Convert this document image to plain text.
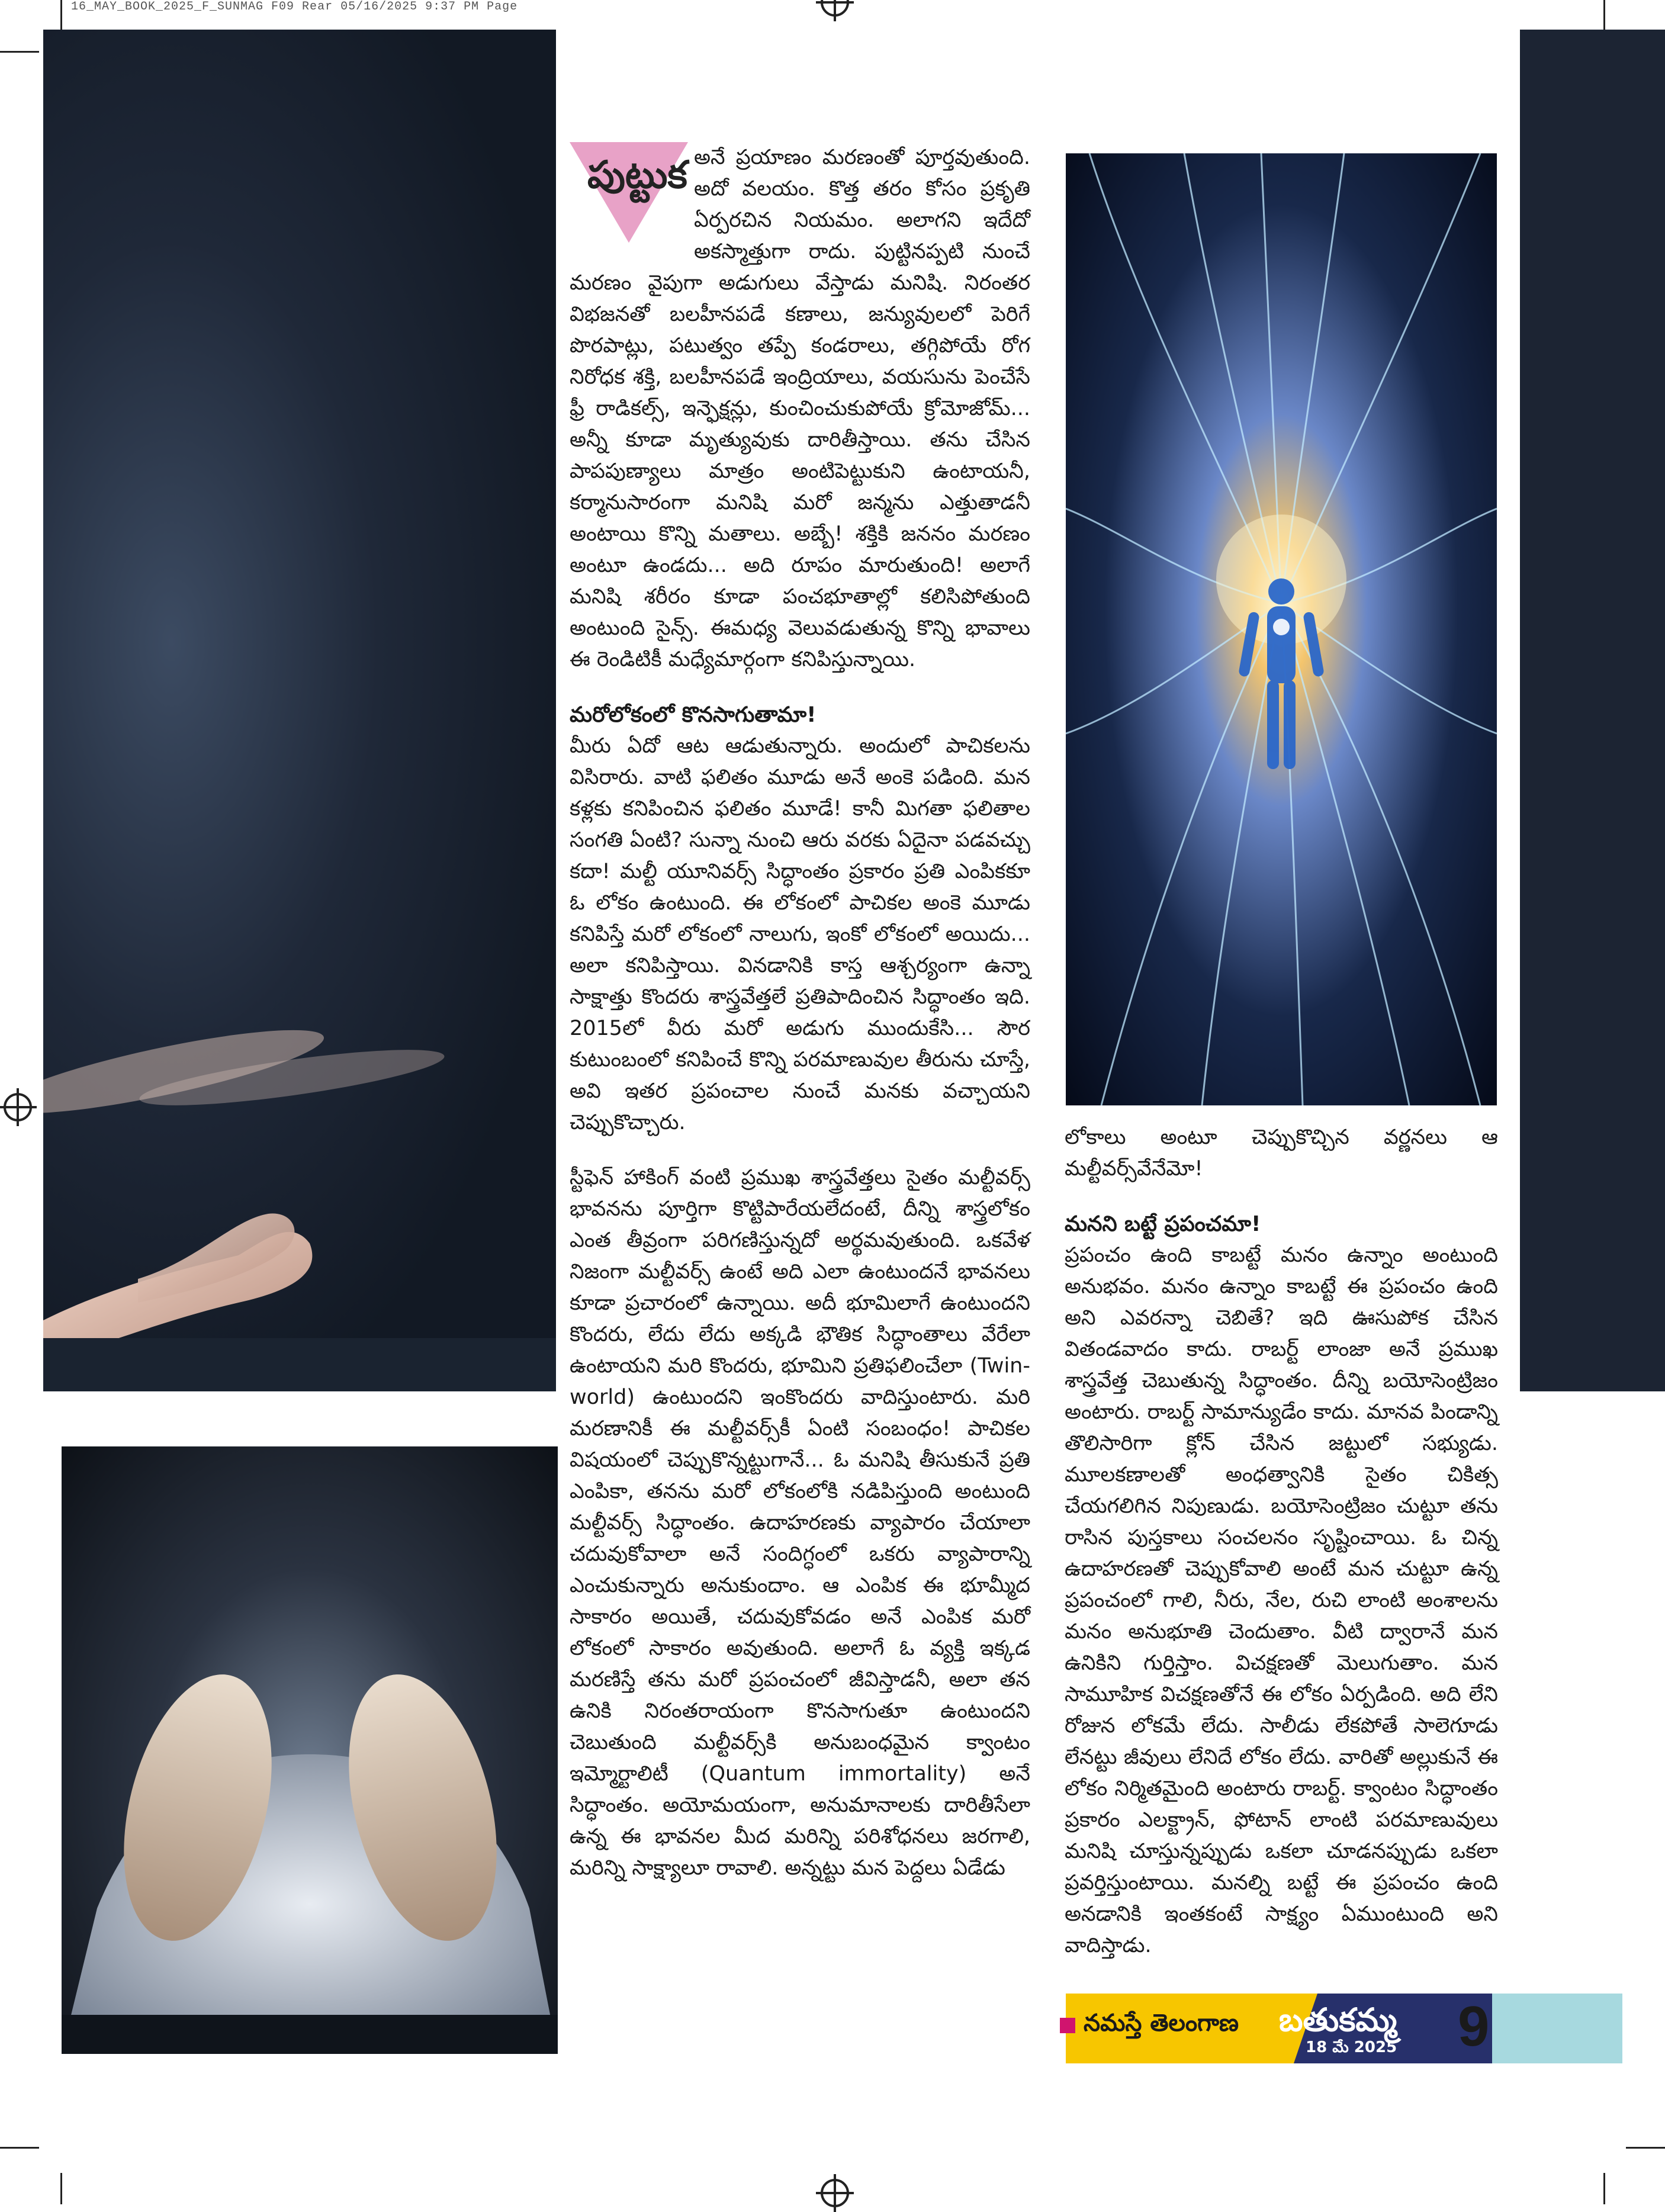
16_MAY_BOOK_2025_F_SUNMAG F09 Rear 05/16/2025 9:37 PM Page
పుట్టుక అనే ప్రయాణం మరణంతో పూర్తవుతుంది. అదో వలయం. కొత్త తరం కోసం ప్రకృతి ఏర్పరచిన నియమం. అలాగని ఇదేదో అకస్మాత్తుగా రాదు. పుట్టినప్పటి నుంచే మరణం వైపుగా అడుగులు వేస్తాడు మనిషి. నిరంతర విభజనతో బలహీనపడే కణాలు, జన్యువులలో పెరిగే పొరపాట్లు, పటుత్వం తప్పే కండరాలు, తగ్గిపోయే రోగ నిరోధక శక్తి, బలహీనపడే ఇంద్రియాలు, వయసును పెంచేసే ఫ్రీ రాడికల్స్, ఇన్ఫెక్షన్లు, కుంచించుకుపోయే క్రోమోజోమ్... అన్నీ కూడా మృత్యువుకు దారితీస్తాయి. తను చేసిన పాపపుణ్యాలు మాత్రం అంటిపెట్టుకుని ఉంటాయనీ, కర్మానుసారంగా మనిషి మరో జన్మను ఎత్తుతాడనీ అంటాయి కొన్ని మతాలు. అబ్బే! శక్తికి జననం మరణం అంటూ ఉండదు... అది రూపం మారుతుంది! అలాగే మనిషి శరీరం కూడా పంచభూతాల్లో కలిసిపోతుంది అంటుంది సైన్స్. ఈమధ్య వెలువడుతున్న కొన్ని భావాలు ఈ రెండిటికీ మధ్యేమార్గంగా కనిపిస్తున్నాయి.

మరోలోకంలో కొనసాగుతామా!

మీరు ఏదో ఆట ఆడుతున్నారు. అందులో పాచికలను విసిరారు. వాటి ఫలితం మూడు అనే అంకె పడింది. మన కళ్లకు కనిపించిన ఫలితం మూడే! కానీ మిగతా ఫలితాల సంగతి ఏంటి? సున్నా నుంచి ఆరు వరకు ఏదైనా పడవచ్చు కదా! మల్టీ యూనివర్స్ సిద్ధాంతం ప్రకారం ప్రతి ఎంపికకూ ఓ లోకం ఉంటుంది. ఈ లోకంలో పాచికల అంకె మూడు కనిపిస్తే మరో లోకంలో నాలుగు, ఇంకో లోకంలో అయిదు... అలా కనిపిస్తాయి. వినడానికి కాస్త ఆశ్చర్యంగా ఉన్నా సాక్షాత్తు కొందరు శాస్త్రవేత్తలే ప్రతిపాదించిన సిద్ధాంతం ఇది. 2015లో వీరు మరో అడుగు ముందుకేసి... సౌర కుటుంబంలో కనిపించే కొన్ని పరమాణువుల తీరును చూస్తే, అవి ఇతర ప్రపంచాల నుంచే మనకు వచ్చాయని చెప్పుకొచ్చారు.

స్టీఫెన్ హాకింగ్ వంటి ప్రముఖ శాస్త్రవేత్తలు సైతం మల్టీవర్స్ భావనను పూర్తిగా కొట్టిపారేయలేదంటే, దీన్ని శాస్త్రలోకం ఎంత తీవ్రంగా పరిగణిస్తున్నదో అర్థమవుతుంది. ఒకవేళ నిజంగా మల్టీవర్స్ ఉంటే అది ఎలా ఉంటుందనే భావనలు కూడా ప్రచారంలో ఉన్నాయి. అదీ భూమిలాగే ఉంటుందని కొందరు, లేదు లేదు అక్కడి భౌతిక సిద్ధాంతాలు వేరేలా ఉంటాయని మరి కొందరు, భూమిని ప్రతిఫలించేలా (Twin-world) ఉంటుందని ఇంకొందరు వాదిస్తుంటారు. మరి మరణానికీ ఈ మల్టీవర్స్‌కీ ఏంటి సంబంధం! పాచికల విషయంలో చెప్పుకొన్నట్టుగానే... ఓ మనిషి తీసుకునే ప్రతి ఎంపికా, తనను మరో లోకంలోకి నడిపిస్తుంది అంటుంది మల్టీవర్స్ సిద్ధాంతం. ఉదాహరణకు వ్యాపారం చేయాలా చదువుకోవాలా అనే సందిగ్ధంలో ఒకరు వ్యాపారాన్ని ఎంచుకున్నారు అనుకుందాం. ఆ ఎంపిక ఈ భూమ్మీద సాకారం అయితే, చదువుకోవడం అనే ఎంపిక మరో లోకంలో సాకారం అవుతుంది. అలాగే ఓ వ్యక్తి ఇక్కడ మరణిస్తే తను మరో ప్రపంచంలో జీవిస్తాడనీ, అలా తన ఉనికి నిరంతరాయంగా కొనసాగుతూ ఉంటుందని చెబుతుంది మల్టీవర్స్‌కి అనుబంధమైన క్వాంటం ఇమ్మోర్టాలిటీ (Quantum immortality) అనే సిద్ధాంతం. అయోమయంగా, అనుమానాలకు దారితీసేలా ఉన్న ఈ భావనల మీద మరిన్ని పరిశోధనలు జరగాలి, మరిన్ని సాక్ష్యాలూ రావాలి. అన్నట్టు మన పెద్దలు ఏడేడు

లోకాలు అంటూ చెప్పుకొచ్చిన వర్ణనలు ఆ మల్టీవర్స్‌వేనేమో!

మనని బట్టే ప్రపంచమా!

ప్రపంచం ఉంది కాబట్టే మనం ఉన్నాం అంటుంది అనుభవం. మనం ఉన్నాం కాబట్టే ఈ ప్రపంచం ఉంది అని ఎవరన్నా చెబితే? ఇది ఊసుపోక చేసిన వితండవాదం కాదు. రాబర్ట్ లాంజా అనే ప్రముఖ శాస్త్రవేత్త చెబుతున్న సిద్ధాంతం. దీన్ని బయోసెంట్రిజం అంటారు. రాబర్ట్ సామాన్యుడేం కాదు. మానవ పిండాన్ని తొలిసారిగా క్లోన్ చేసిన జట్టులో సభ్యుడు. మూలకణాలతో అంధత్వానికి సైతం చికిత్స చేయగలిగిన నిపుణుడు. బయోసెంట్రిజం చుట్టూ తను రాసిన పుస్తకాలు సంచలనం సృష్టించాయి. ఓ చిన్న ఉదాహరణతో చెప్పుకోవాలి అంటే మన చుట్టూ ఉన్న ప్రపంచంలో గాలి, నీరు, నేల, రుచి లాంటి అంశాలను మనం అనుభూతి చెందుతాం. వీటి ద్వారానే మన ఉనికిని గుర్తిస్తాం. విచక్షణతో మెలుగుతాం. మన సామూహిక విచక్షణతోనే ఈ లోకం ఏర్పడింది. అది లేని రోజున లోకమే లేదు. సాలీడు లేకపోతే సాలెగూడు లేనట్టు జీవులు లేనిదే లోకం లేదు. వారితో అల్లుకునే ఈ లోకం నిర్మితమైంది అంటారు రాబర్ట్. క్వాంటం సిద్ధాంతం ప్రకారం ఎలక్ట్రాన్, ఫోటాన్ లాంటి పరమాణువులు మనిషి చూస్తున్నప్పుడు ఒకలా చూడనప్పుడు ఒకలా ప్రవర్తిస్తుంటాయి. మనల్ని బట్టే ఈ ప్రపంచం ఉంది అనడానికి ఇంతకంటే సాక్ష్యం ఏముంటుంది అని వాదిస్తాడు.

నమస్తే తెలంగాణ బతుకమ్మ
18 మే 2025 9
